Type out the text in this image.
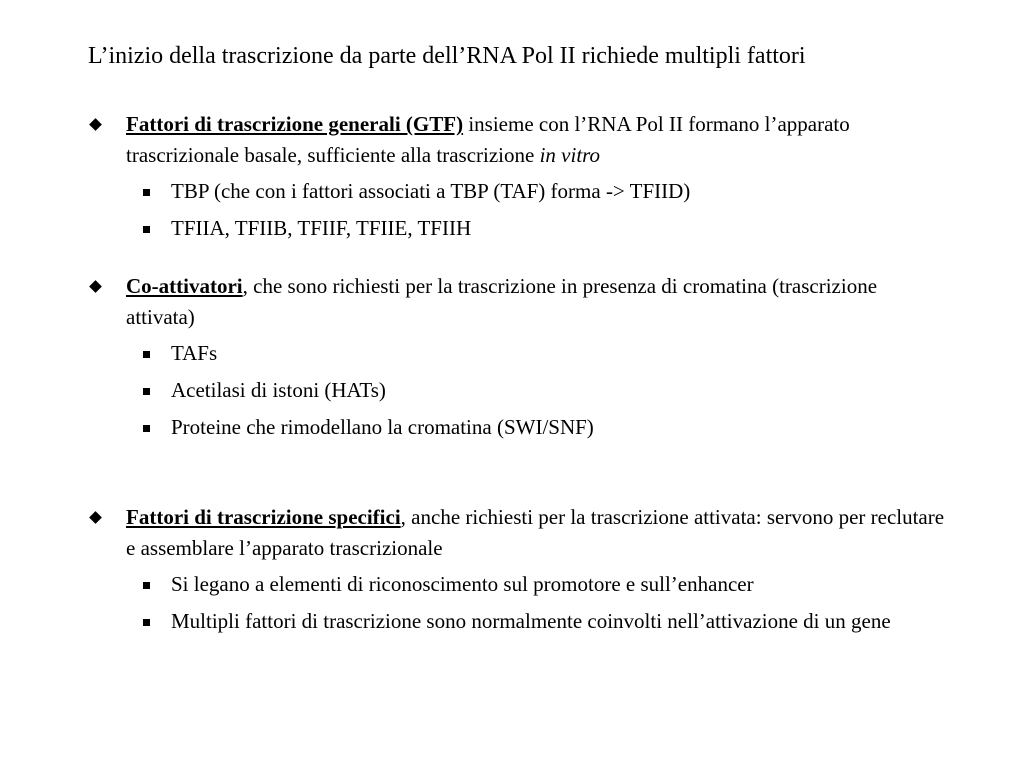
L’inizio della trascrizione da parte dell’RNA Pol II richiede multipli fattori
Fattori di trascrizione generali (GTF) insieme con l’RNA Pol II formano l’apparato trascrizionale basale, sufficiente alla trascrizione in vitro
TBP (che con i fattori associati a TBP (TAF) forma -> TFIID)
TFIIA, TFIIB, TFIIF, TFIIE, TFIIH
Co-attivatori, che sono richiesti per la trascrizione in presenza di cromatina (trascrizione attivata)
TAFs
Acetilasi di istoni (HATs)
Proteine che rimodellano la cromatina (SWI/SNF)
Fattori di trascrizione specifici, anche richiesti per la trascrizione attivata: servono per reclutare e assemblare l’apparato trascrizionale
Si legano a elementi di riconoscimento sul promotore e sull’enhancer
Multipli fattori di trascrizione sono normalmente coinvolti nell’attivazione di un gene
